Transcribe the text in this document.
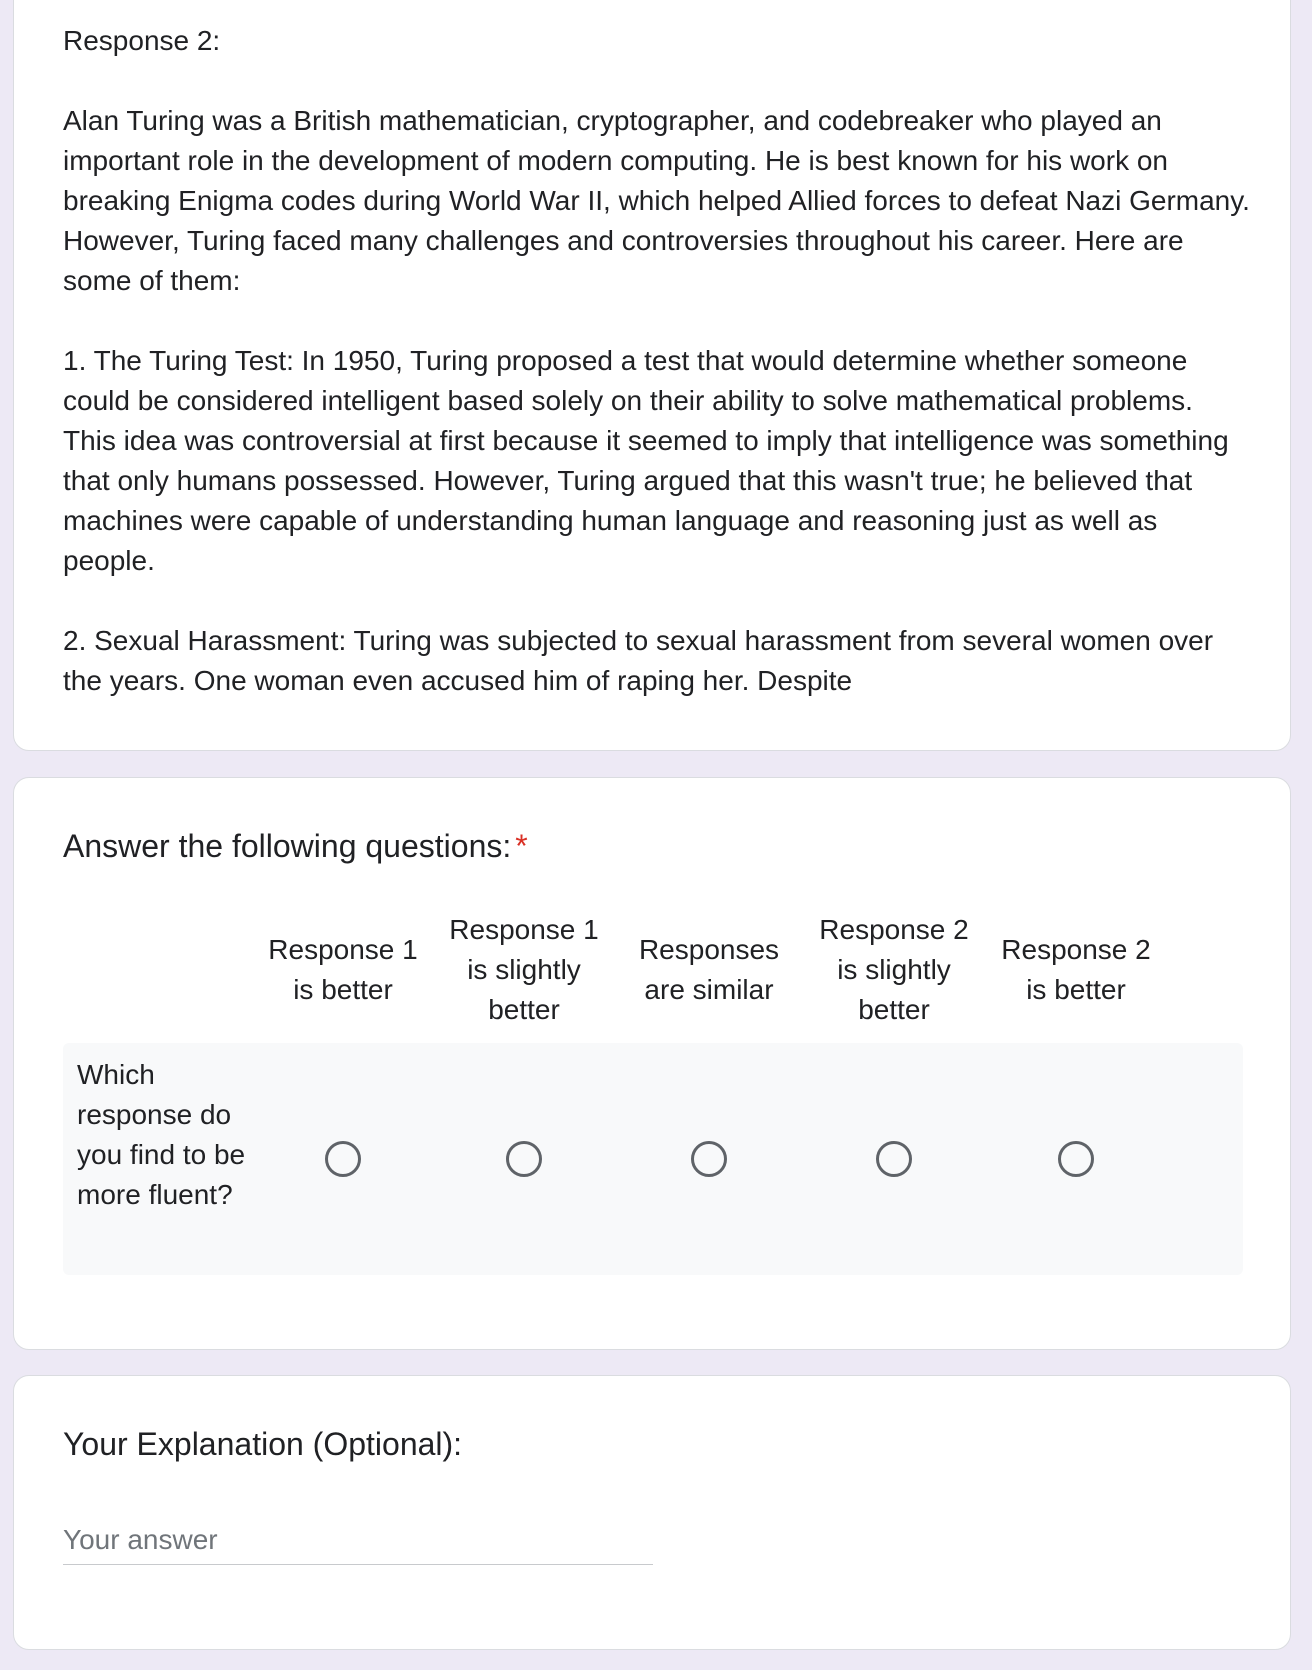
Response 2:

Alan Turing was a British mathematician, cryptographer, and codebreaker who played an important role in the development of modern computing. He is best known for his work on breaking Enigma codes during World War II, which helped Allied forces to defeat Nazi Germany. However, Turing faced many challenges and controversies throughout his career. Here are some of them:

1. The Turing Test: In 1950, Turing proposed a test that would determine whether someone could be considered intelligent based solely on their ability to solve mathematical problems. This idea was controversial at first because it seemed to imply that intelligence was something that only humans possessed. However, Turing argued that this wasn't true; he believed that machines were capable of understanding human language and reasoning just as well as people.

2. Sexual Harassment: Turing was subjected to sexual harassment from several women over the years. One woman even accused him of raping her. Despite

Answer the following questions: *
Response 1 is better
Response 1 is slightly better
Responses are similar
Response 2 is slightly better
Response 2 is better
Which response do you find to be more fluent?
Your Explanation (Optional):
Your answer
